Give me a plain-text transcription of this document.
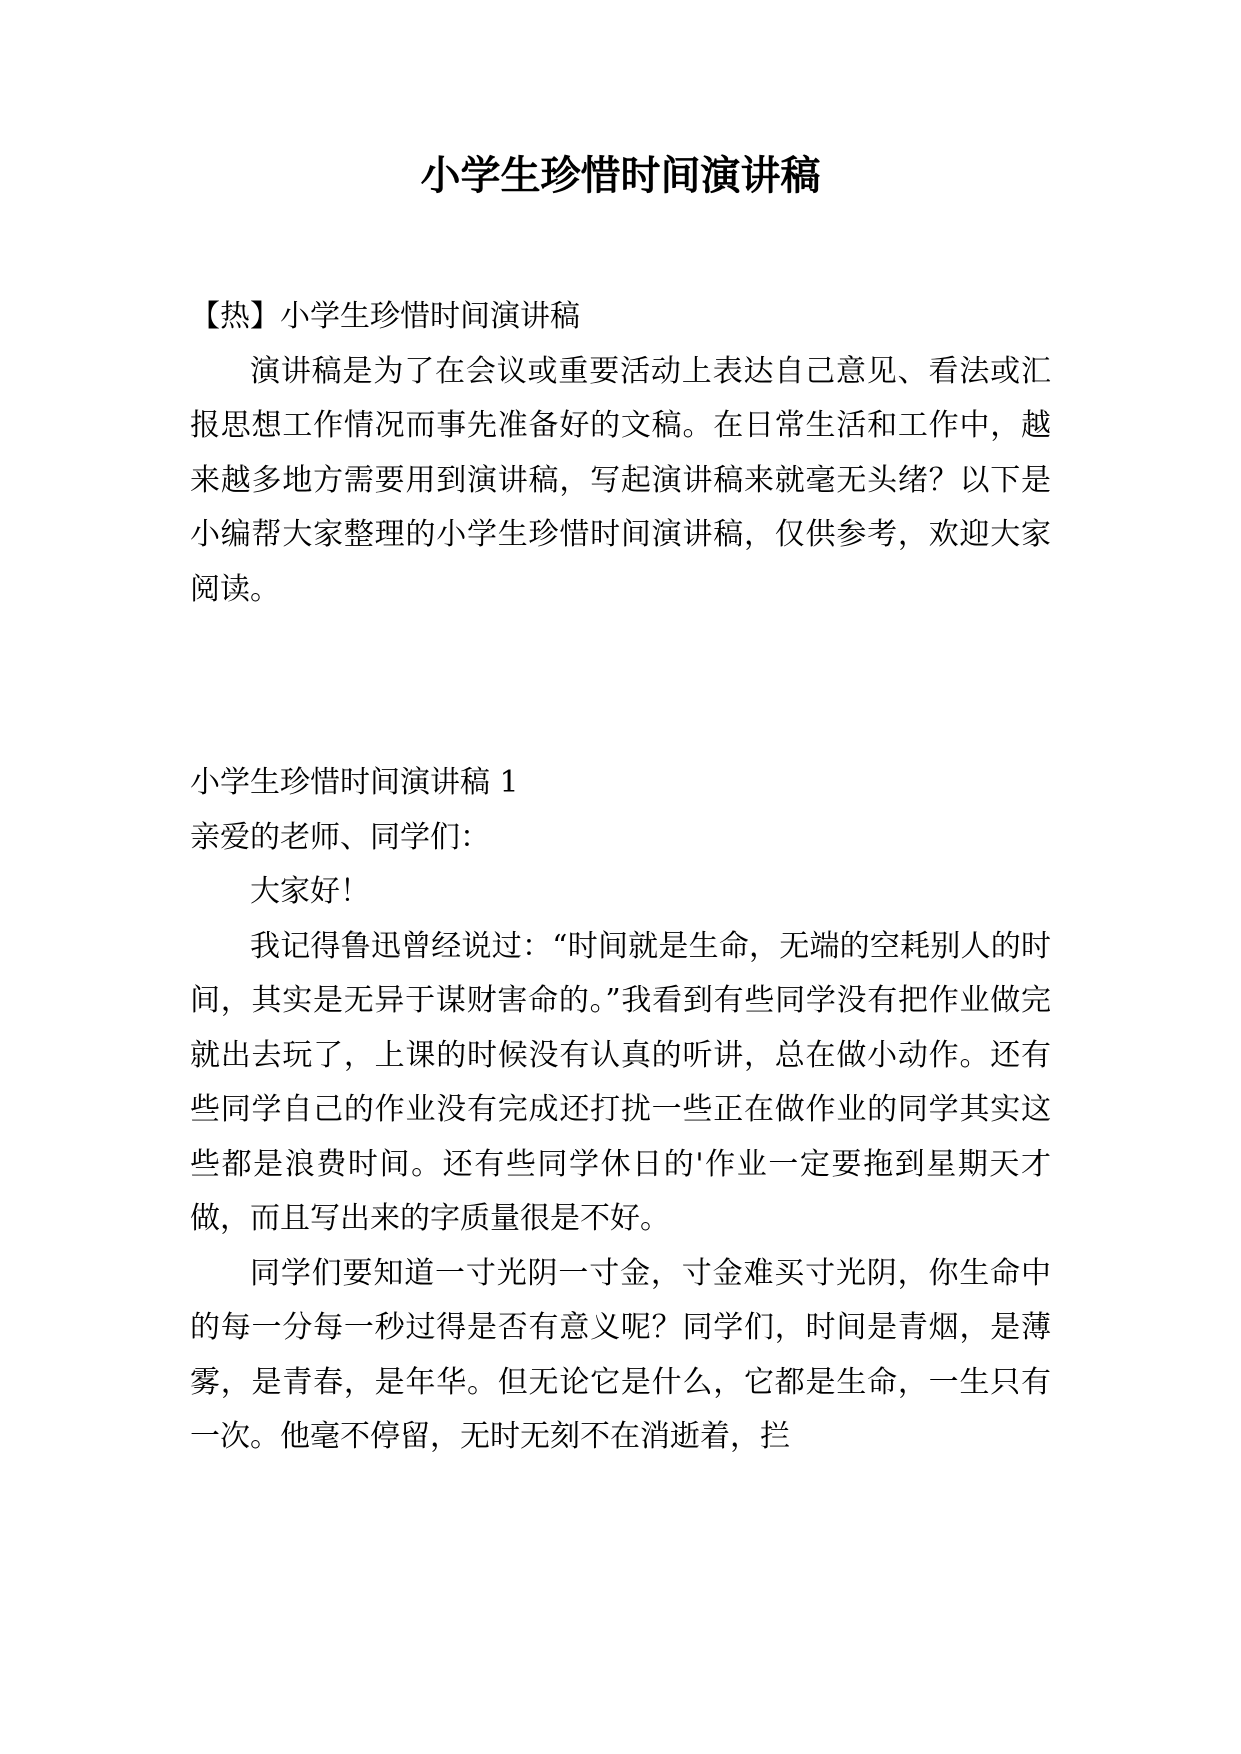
小学生珍惜时间演讲稿

【热】小学生珍惜时间演讲稿

演讲稿是为了在会议或重要活动上表达自己意见、看法或汇报思想工作情况而事先准备好的文稿。在日常生活和工作中，越来越多地方需要用到演讲稿，写起演讲稿来就毫无头绪？以下是小编帮大家整理的小学生珍惜时间演讲稿，仅供参考，欢迎大家阅读。

小学生珍惜时间演讲稿 1

亲爱的老师、同学们：

大家好！

我记得鲁迅曾经说过：“时间就是生命，无端的空耗别人的时间，其实是无异于谋财害命的。”我看到有些同学没有把作业做完就出去玩了，上课的时候没有认真的听讲，总在做小动作。还有些同学自己的作业没有完成还打扰一些正在做作业的同学其实这些都是浪费时间。还有些同学休日的'作业一定要拖到星期天才做，而且写出来的字质量很是不好。

同学们要知道一寸光阴一寸金，寸金难买寸光阴，你生命中的每一分每一秒过得是否有意义呢？同学们，时间是青烟，是薄雾，是青春，是年华。但无论它是什么，它都是生命，一生只有一次。他毫不停留，无时无刻不在消逝着，拦
